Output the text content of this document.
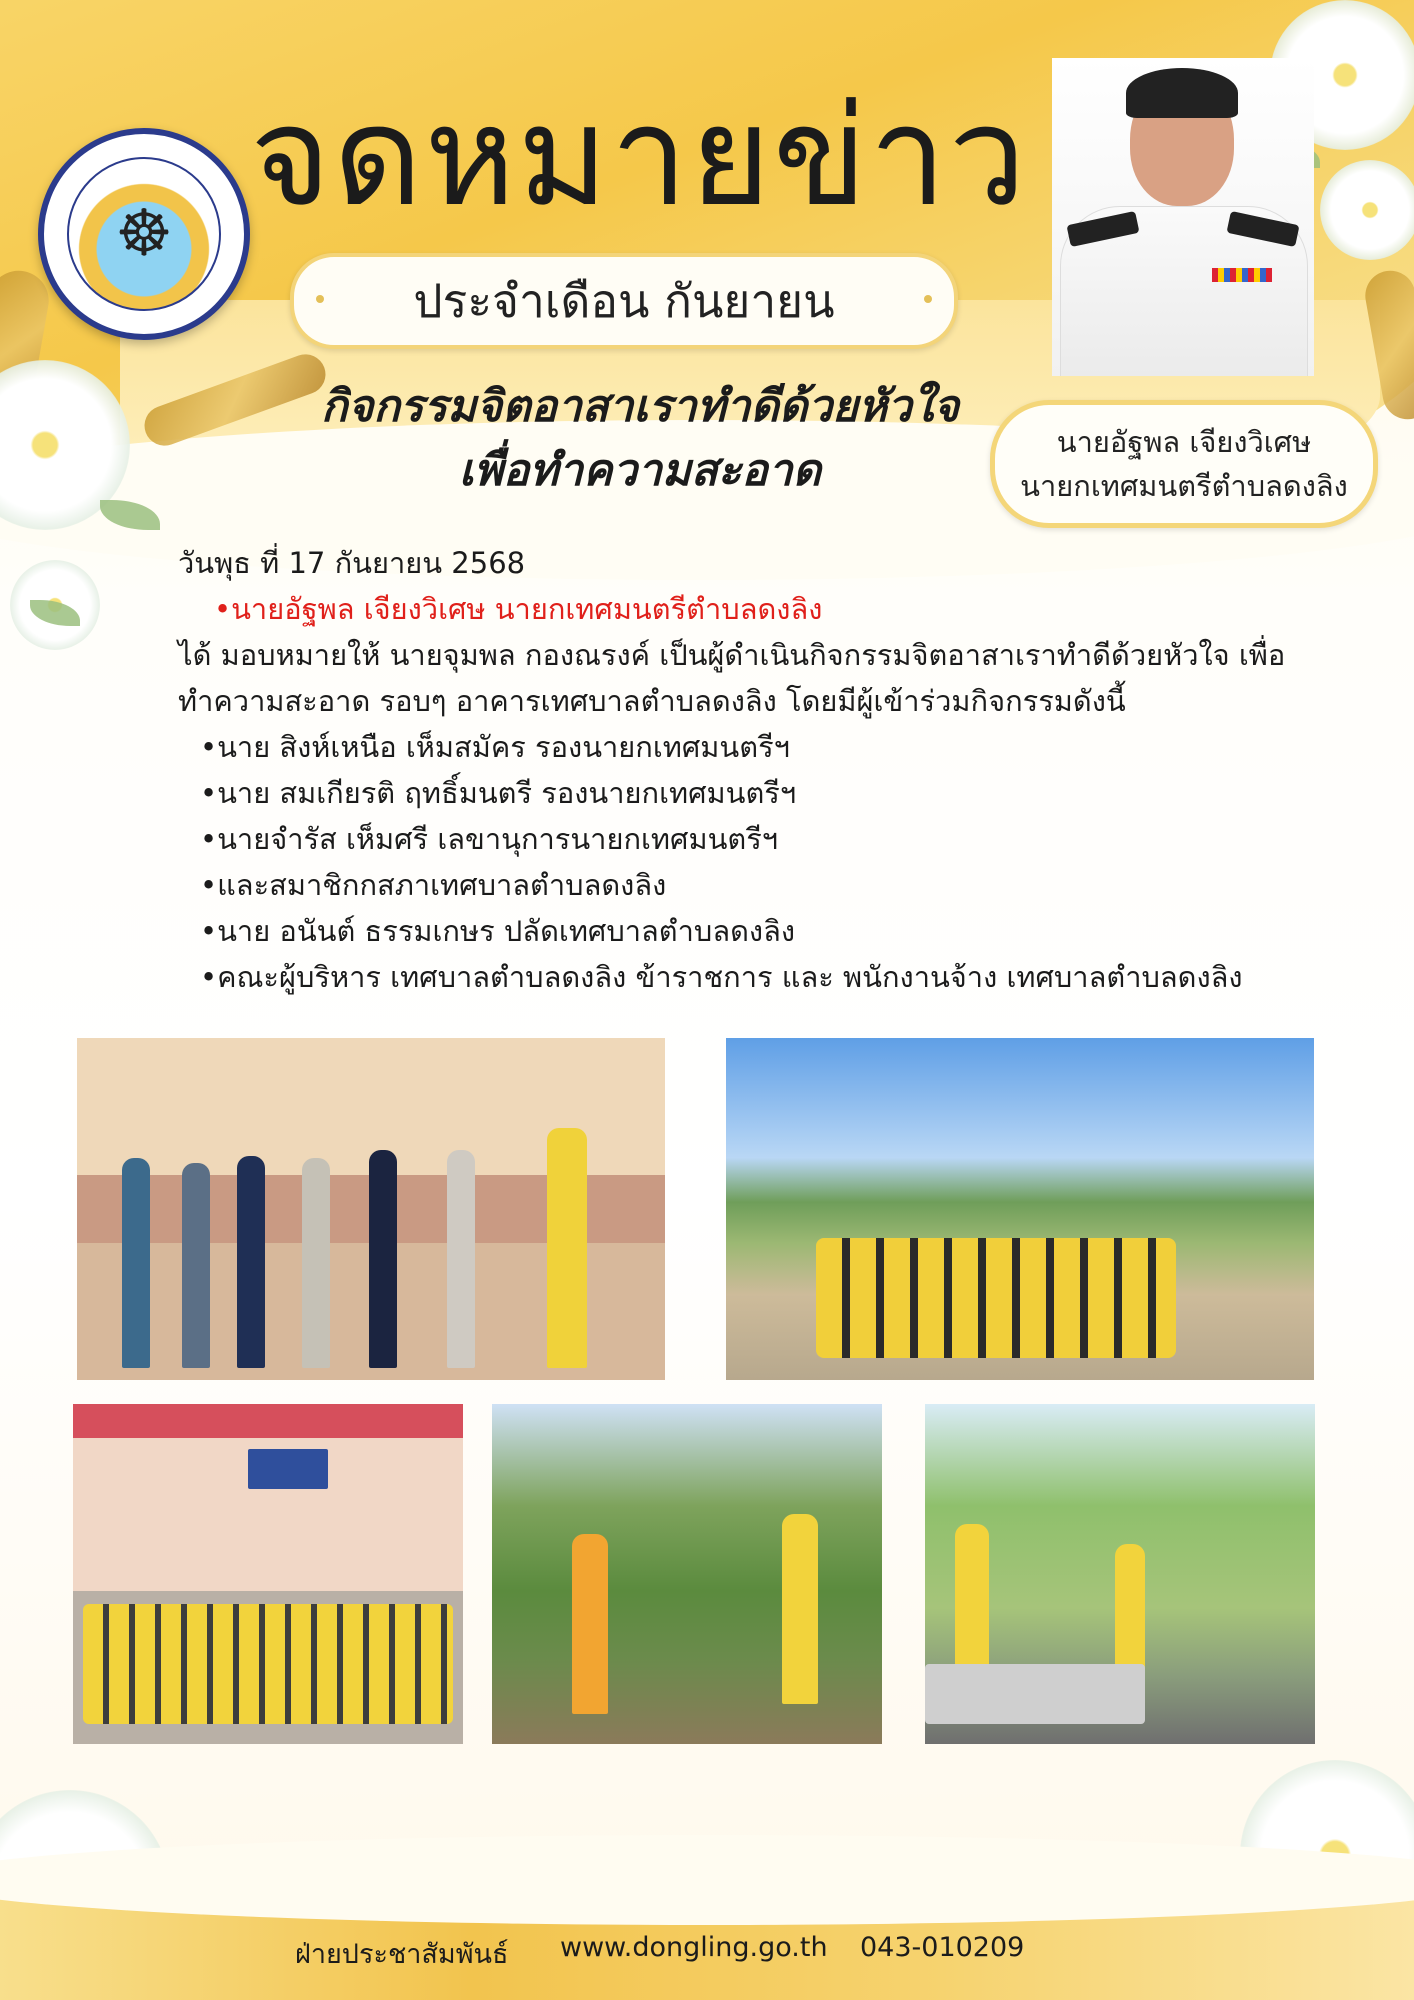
☸ จดหมายข่าว
ประจำเดือน กันยายน
กิจกรรมจิตอาสาเราทำดีด้วยหัวใจ
เพื่อทำความสะอาด
นายอัฐพล เจียงวิเศษ
นายกเทศมนตรีตำบลดงลิง
วันพุธ ที่ 17 กันยายน 2568
•นายอัฐพล เจียงวิเศษ นายกเทศมนตรีตำบลดงลิง
ได้ มอบหมายให้ นายจุมพล กองณรงค์ เป็นผู้ดำเนินกิจกรรมจิตอาสาเราทำดีด้วยหัวใจ เพื่อ
ทำความสะอาด รอบๆ อาคารเทศบาลตำบลดงลิง โดยมีผู้เข้าร่วมกิจกรรมดังนี้
•นาย สิงห์เหนือ เห็มสมัคร รองนายกเทศมนตรีฯ
•นาย สมเกียรติ ฤทธิ์มนตรี รองนายกเทศมนตรีฯ
•นายจำรัส เห็มศรี เลขานุการนายกเทศมนตรีฯ
•และสมาชิกกสภาเทศบาลตำบลดงลิง
•นาย อนันต์ ธรรมเกษร ปลัดเทศบาลตำบลดงลิง
•คณะผู้บริหาร เทศบาลตำบลดงลิง ข้าราชการ และ พนักงานจ้าง เทศบาลตำบลดงลิง
ฝ่ายประชาสัมพันธ์ www.dongling.go.th 043-010209
